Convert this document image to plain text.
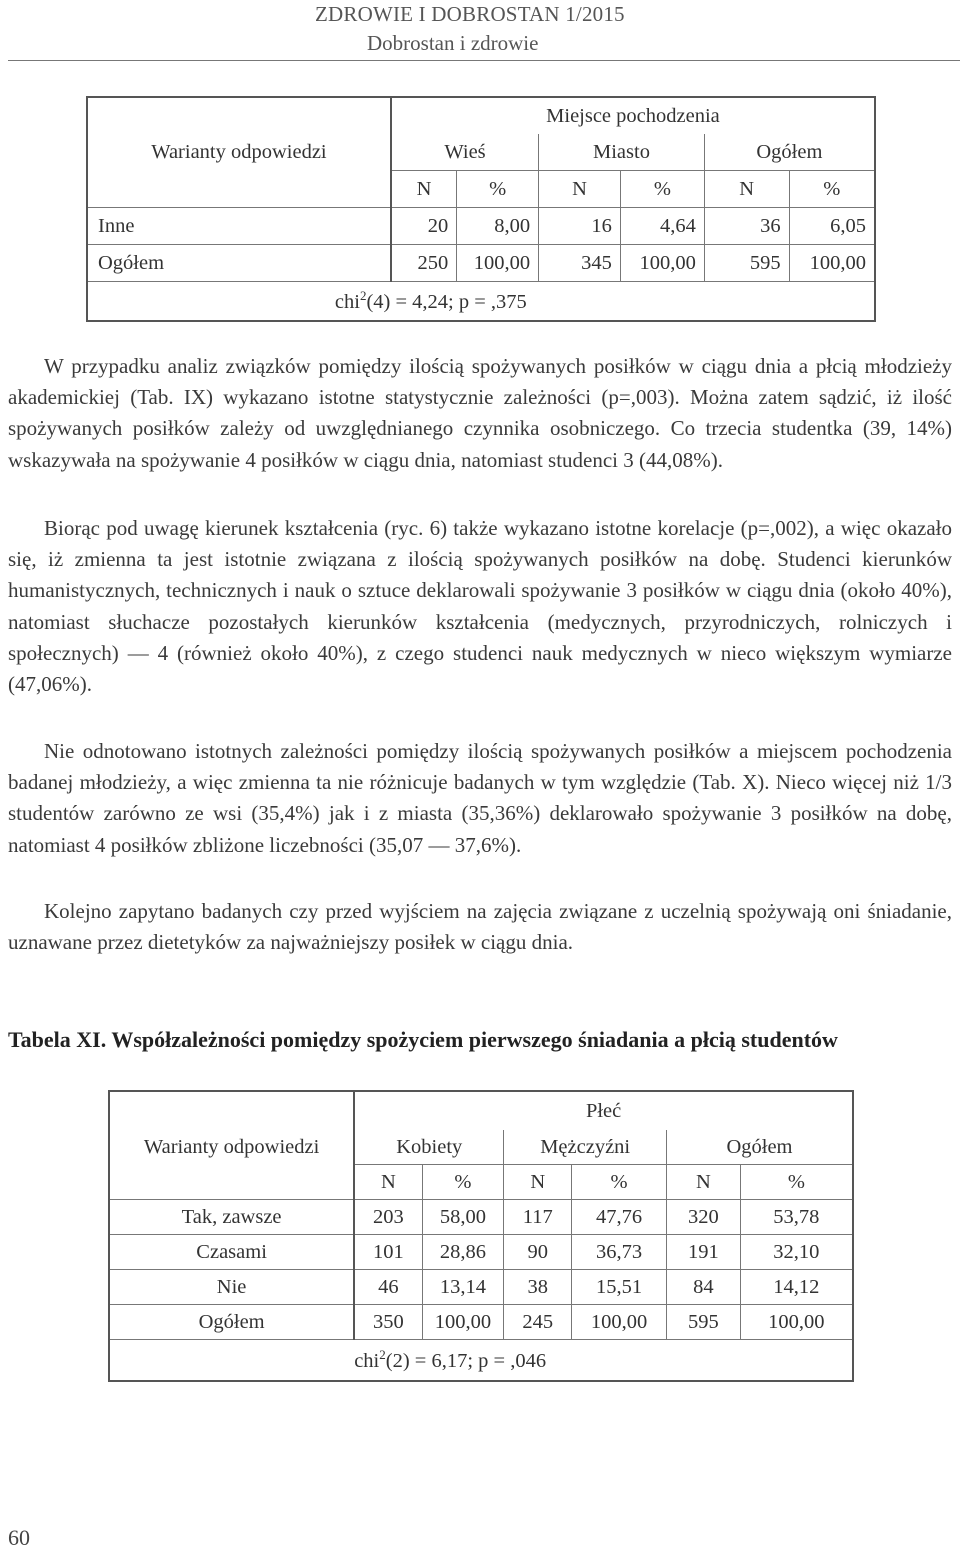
ZDROWIE I DOBROSTAN 1/2015
Dobrostan i zdrowie
	Miejsce pochodzenia					
Warianty odpowiedzi	Wieś		Miasto		Ogółem	
	N	%	N	%	N	%
Inne	20	8,00	16	4,64	36	6,05
Ogółem	250	100,00	345	100,00	595	100,00
	chi$^2$(4) = 4,24; p = ,375					

W przypadku analiz związków pomiędzy ilością spożywanych posiłków w ciągu dnia a płcią młodzieży akademickiej (Tab. IX) wykazano istotne statystycznie zależności (p=,003). Można zatem sądzić, iż ilość spożywanych posiłków zależy od uwzględnianego czynnika osobniczego. Co trzecia studentka (39, 14%) wskazywała na spożywanie 4 posiłków w ciągu dnia, natomiast studenci 3 (44,08%).

Biorąc pod uwagę kierunek kształcenia (ryc. 6) także wykazano istotne korelacje (p=,002), a więc okazało się, iż zmienna ta jest istotnie związana z ilością spożywanych posiłków na dobę. Studenci kierunków humanistycznych, technicznych i nauk o sztuce deklarowali spożywanie 3 posiłków w ciągu dnia (około 40%), natomiast słuchacze pozostałych kierunków kształcenia (medycznych, przyrodniczych, rolniczych i społecznych) ― 4 (również około 40%), z czego studenci nauk medycznych w nieco większym wymiarze (47,06%).

Nie odnotowano istotnych zależności pomiędzy ilością spożywanych posiłków a miejscem pochodzenia badanej młodzieży, a więc zmienna ta nie różnicuje badanych w tym względzie (Tab. X). Nieco więcej niż 1/3 studentów zarówno ze wsi (35,4%) jak i z miasta (35,36%) deklarowało spożywanie 3 posiłków na dobę, natomiast 4 posiłków zbliżone liczebności (35,07 ― 37,6%).

Kolejno zapytano badanych czy przed wyjściem na zajęcia związane z uczelnią spożywają oni śniadanie, uznawane przez dietetyków za najważniejszy posiłek w ciągu dnia.

Tabela XI. Współzależności pomiędzy spożyciem pierwszego śniadania a płcią studentów

	Płeć					
Warianty odpowiedzi	Kobiety		Mężczyźni		Ogółem	
	N	%	N	%	N	%
Tak, zawsze	203	58,00	117	47,76	320	53,78
Czasami	101	28,86	90	36,73	191	32,10
Nie	46	13,14	38	15,51	84	14,12
Ogółem	350	100,00	245	100,00	595	100,00
	chi$^2$(2) = 6,17; p = ,046					
60
